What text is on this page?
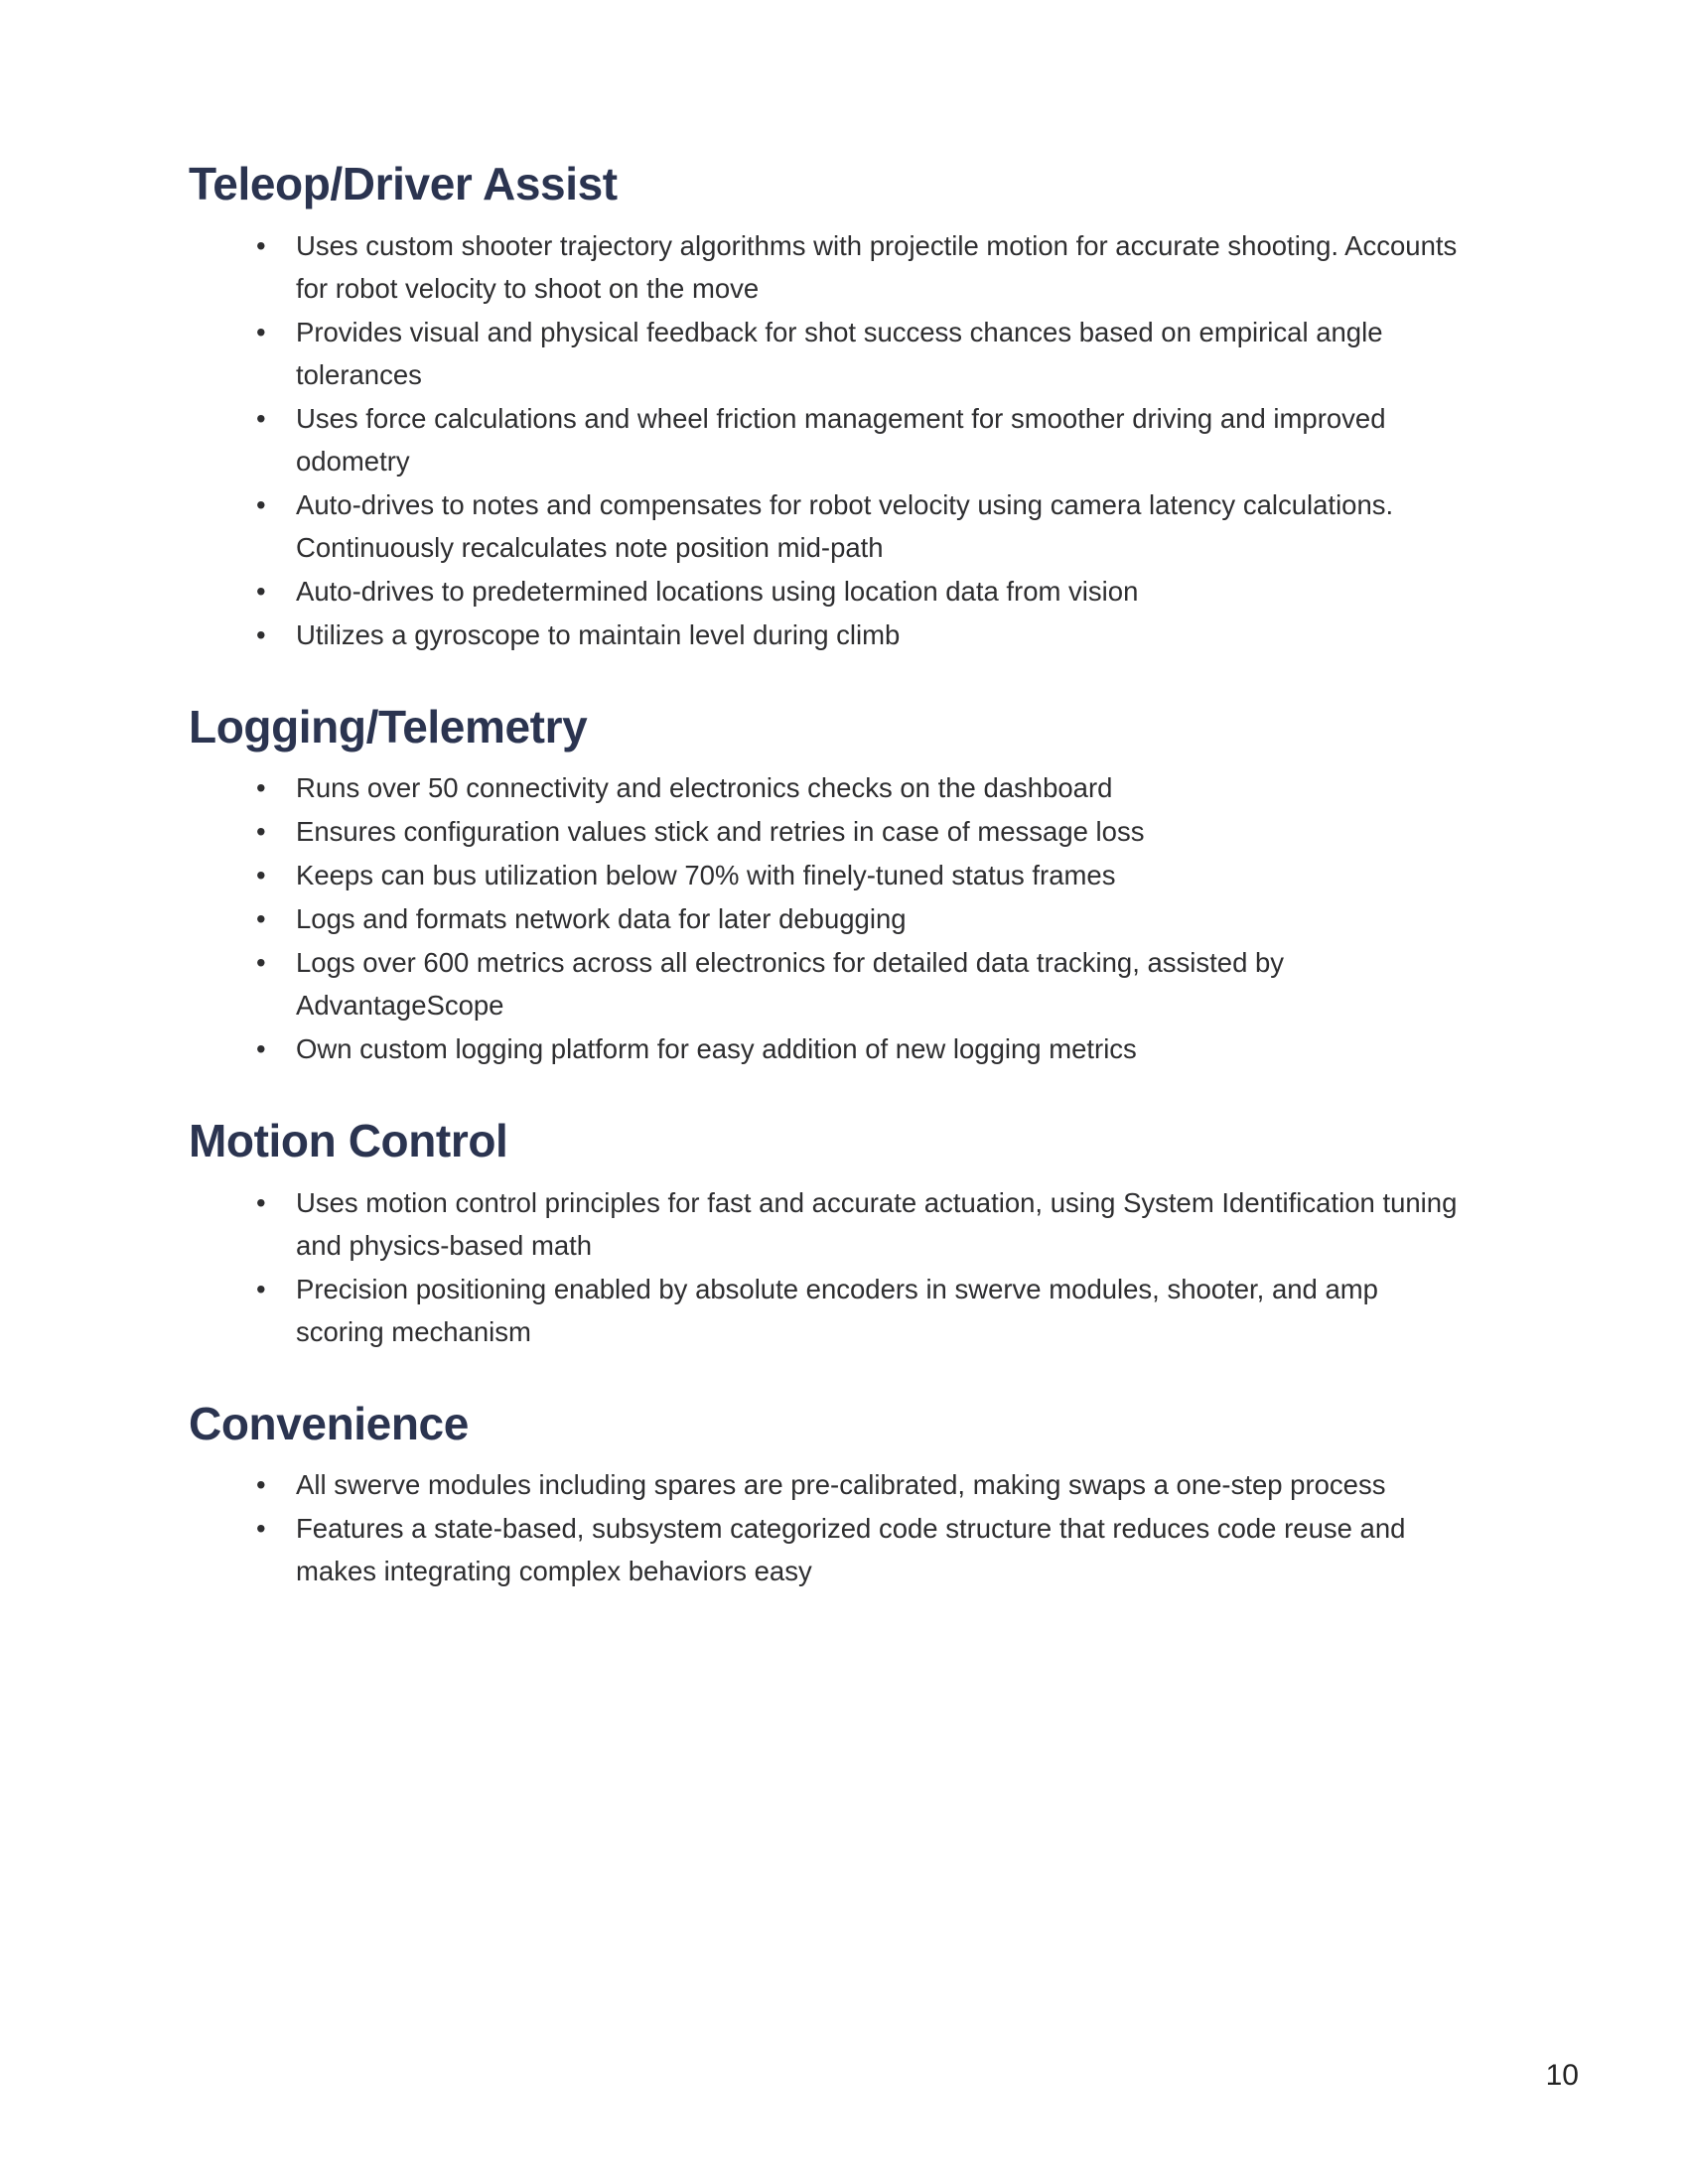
Teleop/Driver Assist
• Uses custom shooter trajectory algorithms with projectile motion for accurate shooting. Accounts for robot velocity to shoot on the move
• Provides visual and physical feedback for shot success chances based on empirical angle tolerances
• Uses force calculations and wheel friction management for smoother driving and improved odometry
• Auto-drives to notes and compensates for robot velocity using camera latency calculations. Continuously recalculates note position mid-path
• Auto-drives to predetermined locations using location data from vision
• Utilizes a gyroscope to maintain level during climb
Logging/Telemetry
• Runs over 50 connectivity and electronics checks on the dashboard
• Ensures configuration values stick and retries in case of message loss
• Keeps can bus utilization below 70% with finely-tuned status frames
• Logs and formats network data for later debugging
• Logs over 600 metrics across all electronics for detailed data tracking, assisted by AdvantageScope
• Own custom logging platform for easy addition of new logging metrics
Motion Control
• Uses motion control principles for fast and accurate actuation, using System Identification tuning and physics-based math
• Precision positioning enabled by absolute encoders in swerve modules, shooter, and amp scoring mechanism
Convenience
• All swerve modules including spares are pre-calibrated, making swaps a one-step process
• Features a state-based, subsystem categorized code structure that reduces code reuse and makes integrating complex behaviors easy
10
